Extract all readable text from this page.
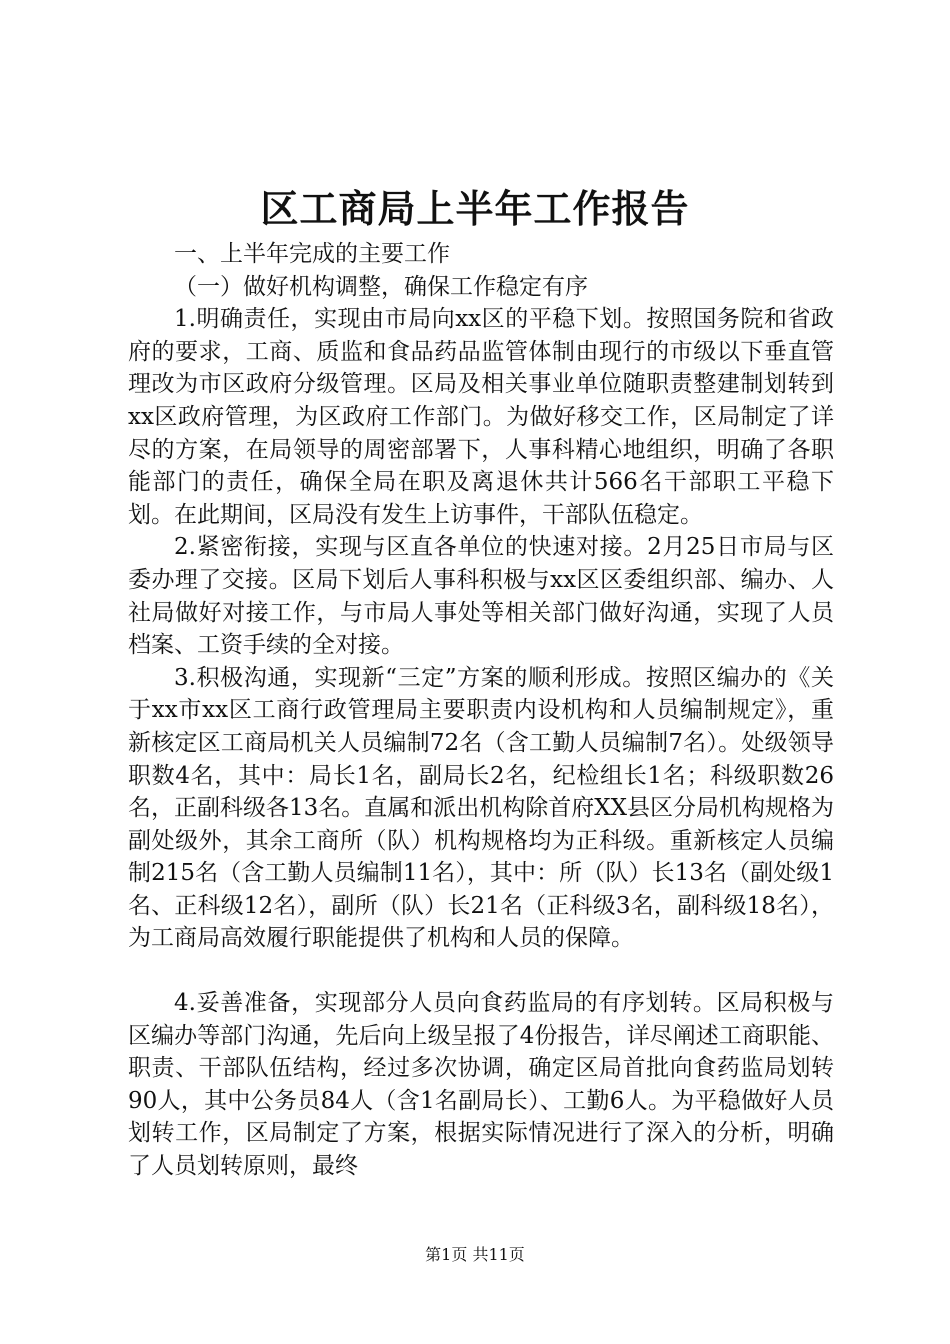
区工商局上半年工作报告

一、上半年完成的主要工作

（一）做好机构调整，确保工作稳定有序

1.明确责任，实现由市局向xx区的平稳下划。按照国务院和省政府的要求，工商、质监和食品药品监管体制由现行的市级以下垂直管理改为市区政府分级管理。区局及相关事业单位随职责整建制划转到xx区政府管理，为区政府工作部门。为做好移交工作，区局制定了详尽的方案，在局领导的周密部署下，人事科精心地组织，明确了各职能部门的责任，确保全局在职及离退休共计566名干部职工平稳下划。在此期间，区局没有发生上访事件，干部队伍稳定。

2.紧密衔接，实现与区直各单位的快速对接。2月25日市局与区委办理了交接。区局下划后人事科积极与xx区区委组织部、编办、人社局做好对接工作，与市局人事处等相关部门做好沟通，实现了人员档案、工资手续的全对接。

3.积极沟通，实现新“三定”方案的顺利形成。按照区编办的《关于xx市xx区工商行政管理局主要职责内设机构和人员编制规定》，重新核定区工商局机关人员编制72名（含工勤人员编制7名）。处级领导职数4名，其中：局长1名，副局长2名，纪检组长1名；科级职数26名，正副科级各13名。直属和派出机构除首府XX县区分局机构规格为副处级外，其余工商所（队）机构规格均为正科级。重新核定人员编制215名（含工勤人员编制11名），其中：所（队）长13名（副处级1名、正科级12名），副所（队）长21名（正科级3名，副科级18名），为工商局高效履行职能提供了机构和人员的保障。

4.妥善准备，实现部分人员向食药监局的有序划转。区局积极与区编办等部门沟通，先后向上级呈报了4份报告，详尽阐述工商职能、职责、干部队伍结构，经过多次协调，确定区局首批向食药监局划转90人，其中公务员84人（含1名副局长）、工勤6人。为平稳做好人员划转工作，区局制定了方案，根据实际情况进行了深入的分析，明确了人员划转原则，最终

第1页 共11页
